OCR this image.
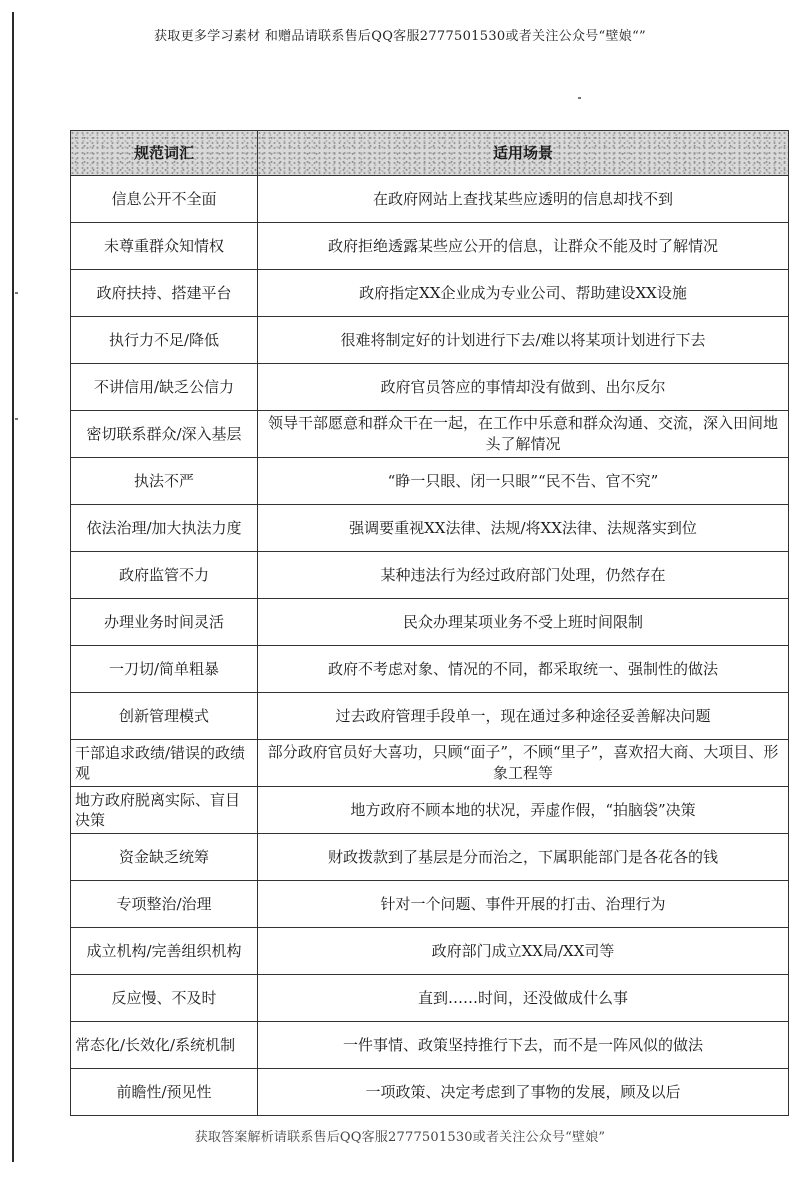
获取更多学习素材 和赠品请联系售后QQ客服2777501530或者关注公众号“壁娘“”
规范词汇	适用场景
信息公开不全面	在政府网站上查找某些应透明的信息却找不到
未尊重群众知情权	政府拒绝透露某些应公开的信息，让群众不能及时了解情况
政府扶持、搭建平台	政府指定XX企业成为专业公司、帮助建设XX设施
执行力不足/降低	很难将制定好的计划进行下去/难以将某项计划进行下去
不讲信用/缺乏公信力	政府官员答应的事情却没有做到、出尔反尔
密切联系群众/深入基层	领导干部愿意和群众干在一起，在工作中乐意和群众沟通、交流，深入田间地头了解情况
执法不严	“睁一只眼、闭一只眼”“民不告、官不究”
依法治理/加大执法力度	强调要重视XX法律、法规/将XX法律、法规落实到位
政府监管不力	某种违法行为经过政府部门处理，仍然存在
办理业务时间灵活	民众办理某项业务不受上班时间限制
一刀切/简单粗暴	政府不考虑对象、情况的不同，都采取统一、强制性的做法
创新管理模式	过去政府管理手段单一，现在通过多种途径妥善解决问题
干部追求政绩/错误的政绩观	部分政府官员好大喜功，只顾“面子”，不顾“里子”，喜欢招大商、大项目、形象工程等
地方政府脱离实际、盲目决策	地方政府不顾本地的状况，弄虚作假，“拍脑袋”决策
资金缺乏统筹	财政拨款到了基层是分而治之，下属职能部门是各花各的钱
专项整治/治理	针对一个问题、事件开展的打击、治理行为
成立机构/完善组织机构	政府部门成立XX局/XX司等
反应慢、不及时	直到……时间，还没做成什么事
常态化/长效化/系统机制	一件事情、政策坚持推行下去，而不是一阵风似的做法
前瞻性/预见性	一项政策、决定考虑到了事物的发展，顾及以后
获取答案解析请联系售后QQ客服2777501530或者关注公众号“壁娘”
